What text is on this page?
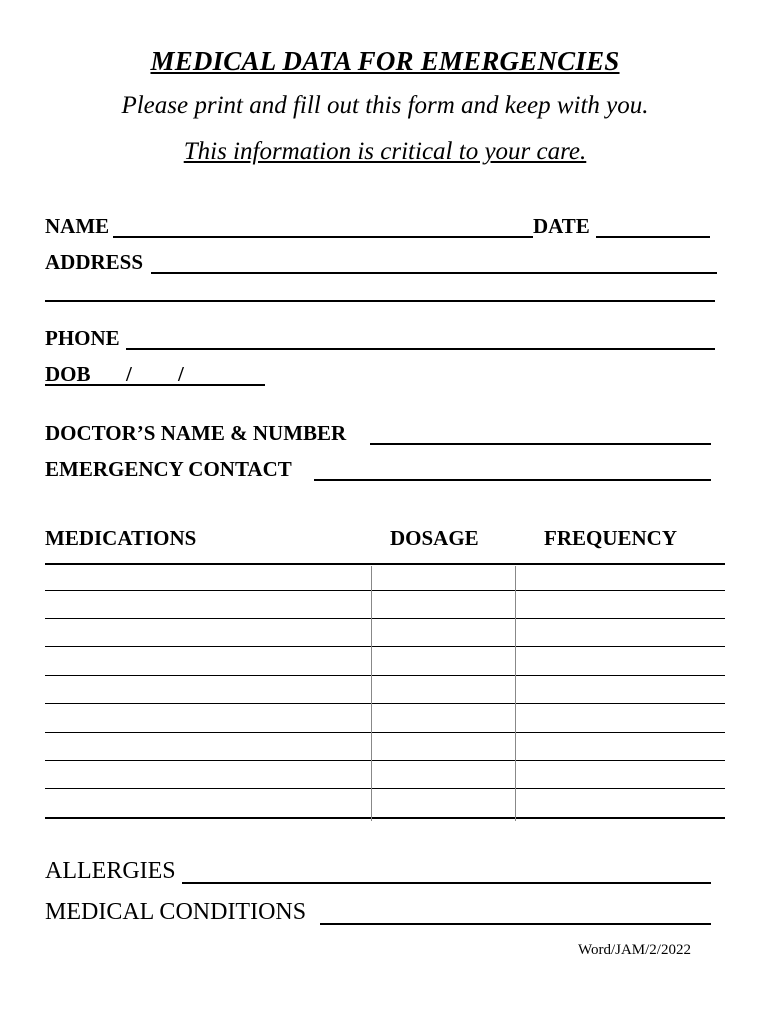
MEDICAL DATA FOR EMERGENCIES
Please print and fill out this form and keep with you.
This information is critical to your care.
NAME	DATE
ADDRESS
PHONE
DOB / /
DOCTOR’S NAME & NUMBER
EMERGENCY CONTACT
MEDICATIONS	DOSAGE	FREQUENCY
ALLERGIES
MEDICAL CONDITIONS
Word/JAM/2/2022
